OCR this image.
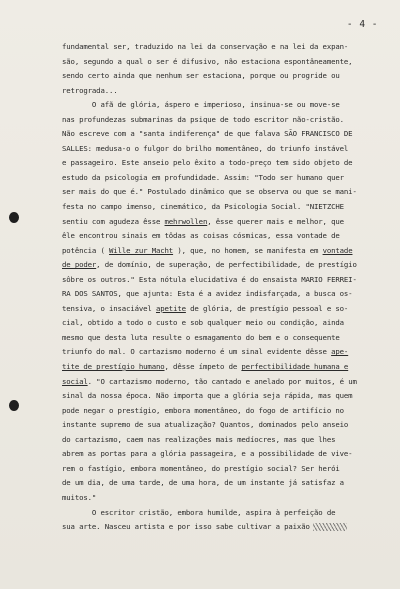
- 4 -
fundamental ser, traduzido na lei da conservação e na lei da expan-
são, segundo a qual o ser é difusivo, não estaciona espontâneamente,
sendo certo ainda que nenhum ser estaciona, porque ou progride ou
retrograda...
O afã de glória, áspero e imperioso, insinua-se ou move-se
nas profundezas submarinas da psique de todo escritor não-cristão.
Não escreve com a "santa indiferença" de que falava SÃO FRANCISCO DE
SALLES: medusa-o o fulgor do brilho momentâneo, do triunfo instável
e passageiro. Este anseio pelo êxito a todo-preço tem sido objeto de
estudo da psicologia em profundidade. Assim: "Todo ser humano quer
ser mais do que é." Postulado dinâmico que se observa ou que se mani-
festa no campo imenso, cinemático, da Psicologia Social. "NIETZCHE
sentiu com agudeza êsse mehrwollen, êsse querer mais e melhor, que
êle encontrou sinais em tôdas as coisas cósmicas, essa vontade de
potência ( Wille zur Macht ), que, no homem, se manifesta em vontade
de poder, de domínio, de superação, de perfectibilidade, de prestígio
sôbre os outros." Esta nótula elucidativa é do ensaista MARIO FERREI-
RA DOS SANTOS, que ajunta: Esta é a avidez indisfarçada, a busca os-
tensiva, o insaciável apetite de glória, de prestígio pessoal e so-
cial, obtido a todo o custo e sob qualquer meio ou condição, ainda
mesmo que desta luta resulte o esmagamento do bem e o consequente
triunfo do mal. O cartazismo moderno é um sinal evidente dêsse ape-
tite de prestígio humano, dêsse ímpeto de perfectibilidade humana e
social. "O cartazismo moderno, tão cantado e anelado por muitos, é um
sinal da nossa época. Não importa que a glória seja rápida, mas quem
pode negar o prestígio, embora momentâneo, do fogo de artifício no
instante supremo de sua atualização? Quantos, dominados pelo anseio
do cartazismo, caem nas realizações mais medíocres, mas que lhes
abrem as portas para a glória passageira, e a possibilidade de vive-
rem o fastígio, embora momentâneo, do prestígio social? Ser herói
de um dia, de uma tarde, de uma hora, de um instante já satisfaz a
muitos."
O escritor cristão, embora humilde, aspira à perfeição de
sua arte. Nasceu artista e por isso sabe cultivar a paixão
